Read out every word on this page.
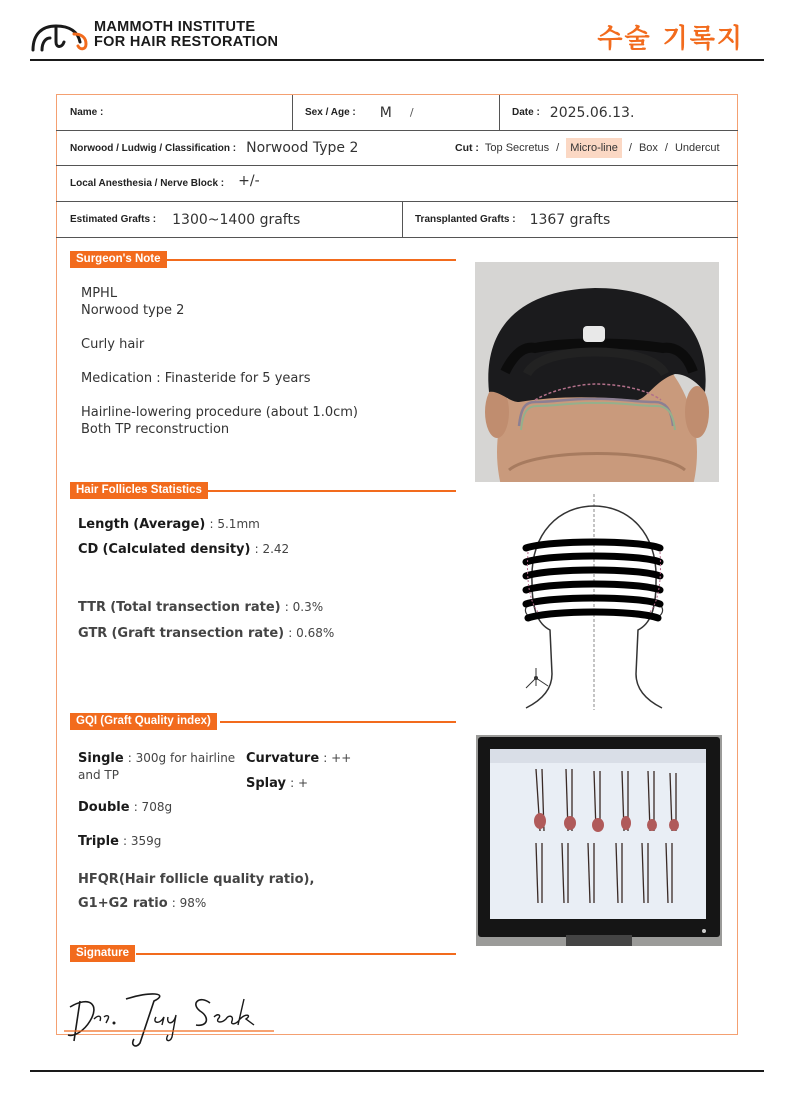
MAMMOTH INSTITUTE
FOR HAIR RESTORATION	수술 기록지
Name :	Sex / Age : M /	Date : 2025.06.13.
Norwood / Ludwig / Classification : Norwood Type 2	Cut : Top Secretus /	Micro-line	/ Box / Undercut
Local Anesthesia / Nerve Block : +/-
Estimated Grafts : 1300~1400 grafts	Transplanted Grafts : 1367 grafts
Surgeon's Note
MPHL
Norwood type 2
Curly hair
Medication : Finasteride for 5 years
Hairline-lowering procedure (about 1.0cm)
Both TP reconstruction
Hair Follicles Statistics
Length (Average) : 5.1mm
CD (Calculated density) : 2.42
TTR (Total transection rate) : 0.3%
GTR (Graft transection rate) : 0.68%
GQI (Graft Quality index)
Single : 300g for hairline
and TP
Double : 708g
Triple : 359g
Curvature : ++
Splay : +
HFQR(Hair follicle quality ratio),
G1+G2 ratio : 98%
Signature
